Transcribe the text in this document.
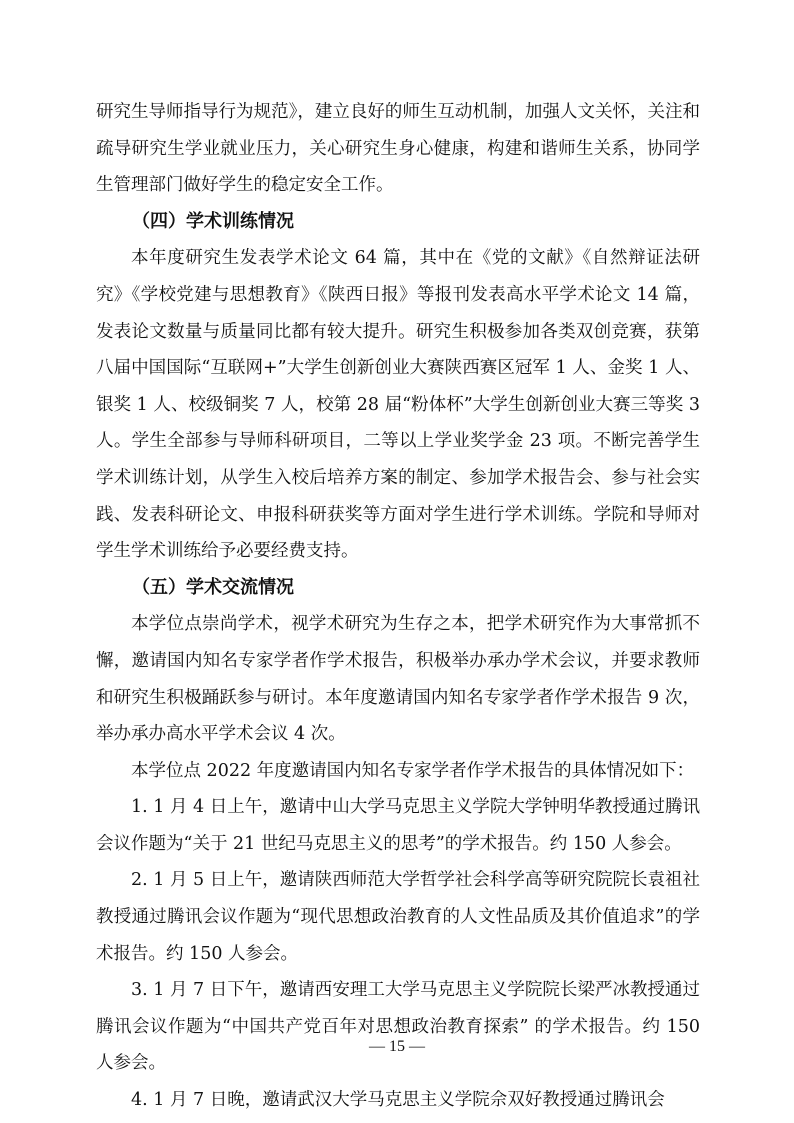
研究生导师指导行为规范》，建立良好的师生互动机制，加强人文关怀，关注和疏导研究生学业就业压力，关心研究生身心健康，构建和谐师生关系，协同学生管理部门做好学生的稳定安全工作。

（四）学术训练情况

本年度研究生发表学术论文 64 篇，其中在《党的文献》《自然辩证法研究》《学校党建与思想教育》《陕西日报》等报刊发表高水平学术论文 14 篇，发表论文数量与质量同比都有较大提升。研究生积极参加各类双创竞赛，获第八届中国国际“互联网+”大学生创新创业大赛陕西赛区冠军 1 人、金奖 1 人、银奖 1 人、校级铜奖 7 人，校第 28 届“粉体杯”大学生创新创业大赛三等奖 3 人。学生全部参与导师科研项目，二等以上学业奖学金 23 项。不断完善学生学术训练计划，从学生入校后培养方案的制定、参加学术报告会、参与社会实践、发表科研论文、申报科研获奖等方面对学生进行学术训练。学院和导师对学生学术训练给予必要经费支持。

（五）学术交流情况

本学位点崇尚学术，视学术研究为生存之本，把学术研究作为大事常抓不懈，邀请国内知名专家学者作学术报告，积极举办承办学术会议，并要求教师和研究生积极踊跃参与研讨。本年度邀请国内知名专家学者作学术报告 9 次，举办承办高水平学术会议 4 次。

本学位点 2022 年度邀请国内知名专家学者作学术报告的具体情况如下：

1. 1 月 4 日上午，邀请中山大学马克思主义学院大学钟明华教授通过腾讯会议作题为“关于 21 世纪马克思主义的思考”的学术报告。约 150 人参会。

2. 1 月 5 日上午，邀请陕西师范大学哲学社会科学高等研究院院长袁祖社教授通过腾讯会议作题为“现代思想政治教育的人文性品质及其价值追求”的学术报告。约 150 人参会。

3. 1 月 7 日下午，邀请西安理工大学马克思主义学院院长梁严冰教授通过腾讯会议作题为“中国共产党百年对思想政治教育探索” 的学术报告。约 150 人参会。

4. 1 月 7 日晚，邀请武汉大学马克思主义学院佘双好教授通过腾讯会

— 15 —
